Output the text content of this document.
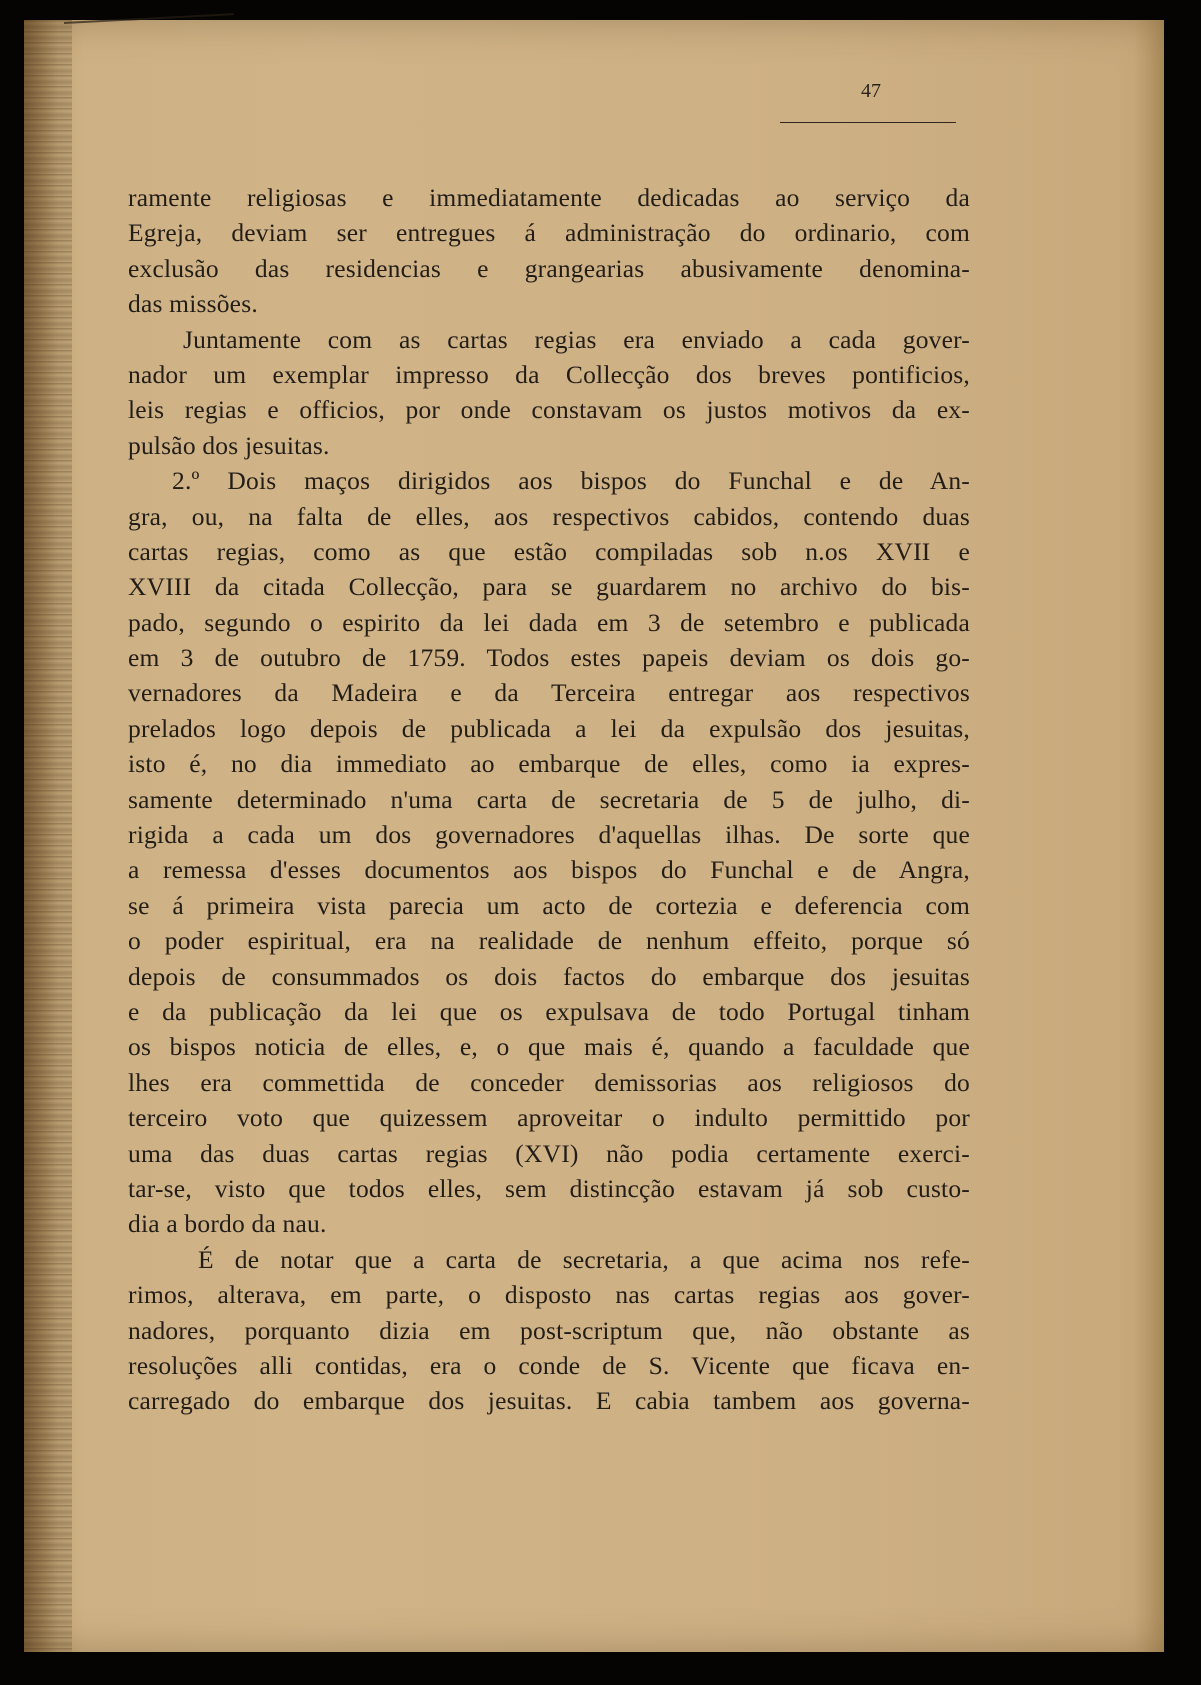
47
ramente religiosas e immediatamente dedicadas ao serviço da
Egreja, deviam ser entregues á administração do ordinario, com
exclusão das residencias e grangearias abusivamente denomina-
das missões.
Juntamente com as cartas regias era enviado a cada gover-
nador um exemplar impresso da Collecção dos breves pontificios,
leis regias e officios, por onde constavam os justos motivos da ex-
pulsão dos jesuitas.
2.º Dois maços dirigidos aos bispos do Funchal e de An-
gra, ou, na falta de elles, aos respectivos cabidos, contendo duas
cartas regias, como as que estão compiladas sob n.os XVII e
XVIII da citada Collecção, para se guardarem no archivo do bis-
pado, segundo o espirito da lei dada em 3 de setembro e publicada
em 3 de outubro de 1759. Todos estes papeis deviam os dois go-
vernadores da Madeira e da Terceira entregar aos respectivos
prelados logo depois de publicada a lei da expulsão dos jesuitas,
isto é, no dia immediato ao embarque de elles, como ia expres-
samente determinado n'uma carta de secretaria de 5 de julho, di-
rigida a cada um dos governadores d'aquellas ilhas. De sorte que
a remessa d'esses documentos aos bispos do Funchal e de Angra,
se á primeira vista parecia um acto de cortezia e deferencia com
o poder espiritual, era na realidade de nenhum effeito, porque só
depois de consummados os dois factos do embarque dos jesuitas
e da publicação da lei que os expulsava de todo Portugal tinham
os bispos noticia de elles, e, o que mais é, quando a faculdade que
lhes era commettida de conceder demissorias aos religiosos do
terceiro voto que quizessem aproveitar o indulto permittido por
uma das duas cartas regias (XVI) não podia certamente exerci-
tar-se, visto que todos elles, sem distincção estavam já sob custo-
dia a bordo da nau.
É de notar que a carta de secretaria, a que acima nos refe-
rimos, alterava, em parte, o disposto nas cartas regias aos gover-
nadores, porquanto dizia em post-scriptum que, não obstante as
resoluções alli contidas, era o conde de S. Vicente que ficava en-
carregado do embarque dos jesuitas. E cabia tambem aos governa-
